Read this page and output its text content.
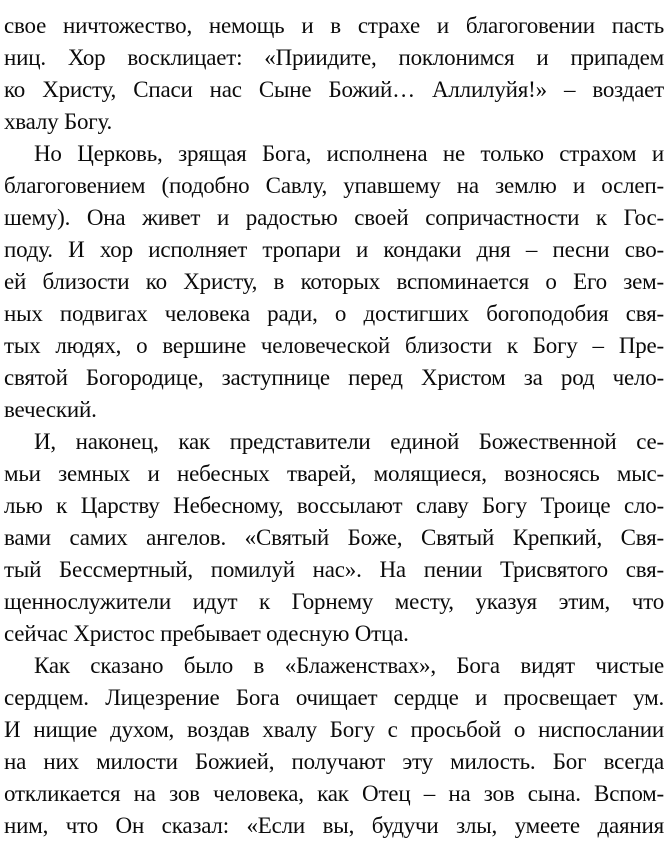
свое ничтожество, немощь и в страхе и благоговении пасть
ниц. Хор восклицает: «Приидите, поклонимся и припадем
ко Христу, Спаси нас Сыне Божий… Аллилуйя!» – воздает
хвалу Богу.
Но Церковь, зрящая Бога, исполнена не только страхом и
благоговением (подобно Савлу, упавшему на землю и ослеп-
шему). Она живет и радостью своей сопричастности к Гос-
поду. И хор исполняет тропари и кондаки дня – песни сво-
ей близости ко Христу, в которых вспоминается о Его зем-
ных подвигах человека ради, о достигших богоподобия свя-
тых людях, о вершине человеческой близости к Богу – Пре-
святой Богородице, заступнице перед Христом за род чело-
веческий.
И, наконец, как представители единой Божественной се-
мьи земных и небесных тварей, молящиеся, возносясь мыс-
лью к Царству Небесному, воссылают славу Богу Троице сло-
вами самих ангелов. «Святый Боже, Святый Крепкий, Свя-
тый Бессмертный, помилуй нас». На пении Трисвятого свя-
щеннослужители идут к Горнему месту, указуя этим, что
сейчас Христос пребывает одесную Отца.
Как сказано было в «Блаженствах», Бога видят чистые
сердцем. Лицезрение Бога очищает сердце и просвещает ум.
И нищие духом, воздав хвалу Богу с просьбой о ниспослании
на них милости Божией, получают эту милость. Бог всегда
откликается на зов человека, как Отец – на зов сына. Вспом-
ним, что Он сказал: «Если вы, будучи злы, умеете даяния
